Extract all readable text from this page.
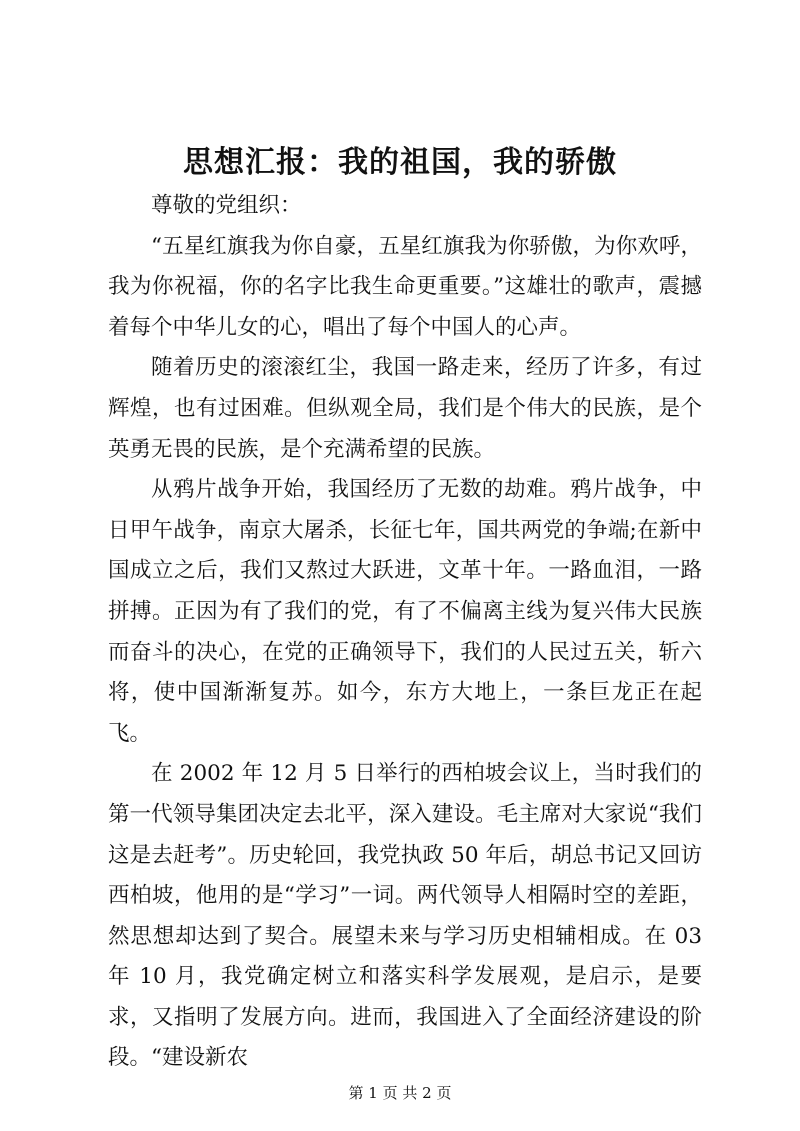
思想汇报：我的祖国，我的骄傲

尊敬的党组织：

“五星红旗我为你自豪，五星红旗我为你骄傲，为你欢呼，我为你祝福，你的名字比我生命更重要。”这雄壮的歌声，震撼着每个中华儿女的心，唱出了每个中国人的心声。

随着历史的滚滚红尘，我国一路走来，经历了许多，有过辉煌，也有过困难。但纵观全局，我们是个伟大的民族，是个英勇无畏的民族，是个充满希望的民族。

从鸦片战争开始，我国经历了无数的劫难。鸦片战争，中日甲午战争，南京大屠杀，长征七年，国共两党的争端;在新中国成立之后，我们又熬过大跃进，文革十年。一路血泪，一路拼搏。正因为有了我们的党，有了不偏离主线为复兴伟大民族而奋斗的决心，在党的正确领导下，我们的人民过五关，斩六将，使中国渐渐复苏。如今，东方大地上，一条巨龙正在起飞。

在 2002 年 12 月 5 日举行的西柏坡会议上，当时我们的第一代领导集团决定去北平，深入建设。毛主席对大家说“我们这是去赶考”。历史轮回，我党执政 50 年后，胡总书记又回访西柏坡，他用的是“学习”一词。两代领导人相隔时空的差距，然思想却达到了契合。展望未来与学习历史相辅相成。在 03 年 10 月，我党确定树立和落实科学发展观，是启示，是要求，又指明了发展方向。进而，我国进入了全面经济建设的阶段。“建设新农

第 1 页 共 2 页
